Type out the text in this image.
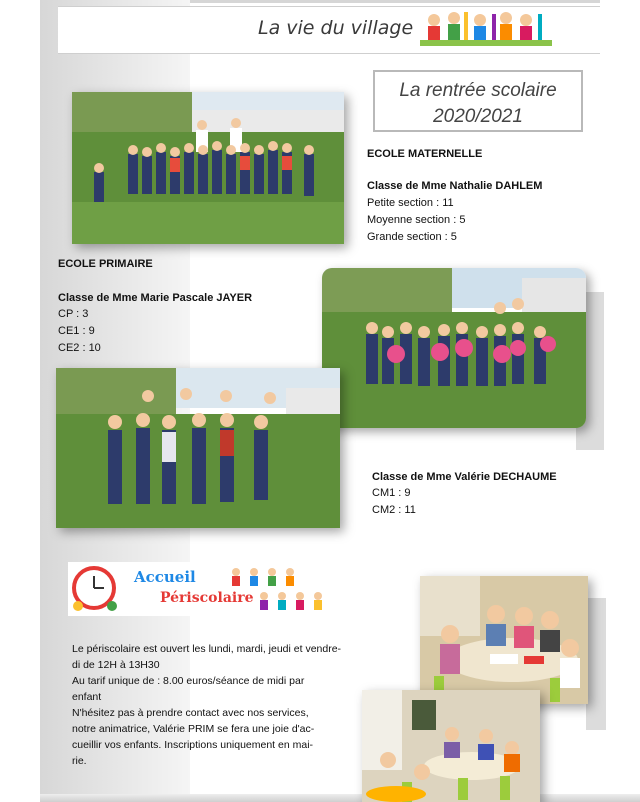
La vie du village
La rentrée scolaire
2020/2021
ECOLE MATERNELLE
Classe de Mme Nathalie DAHLEM
Petite section : 11
Moyenne section : 5
Grande section : 5
ECOLE PRIMAIRE
Classe de Mme Marie Pascale JAYER
CP : 3
CE1 : 9
CE2 : 10
Classe de Mme Valérie DECHAUME
CM1 : 9
CM2 : 11
Accueil
Périscolaire
Le périscolaire est ouvert les lundi, mardi, jeudi et vendre-
di de 12H à 13H30
Au tarif unique de : 8.00 euros/séance de midi par
enfant
N'hésitez pas à prendre contact avec nos services,
notre animatrice, Valérie PRIM se fera une joie d'ac-
cueillir vos enfants. Inscriptions uniquement en mai-
rie.
